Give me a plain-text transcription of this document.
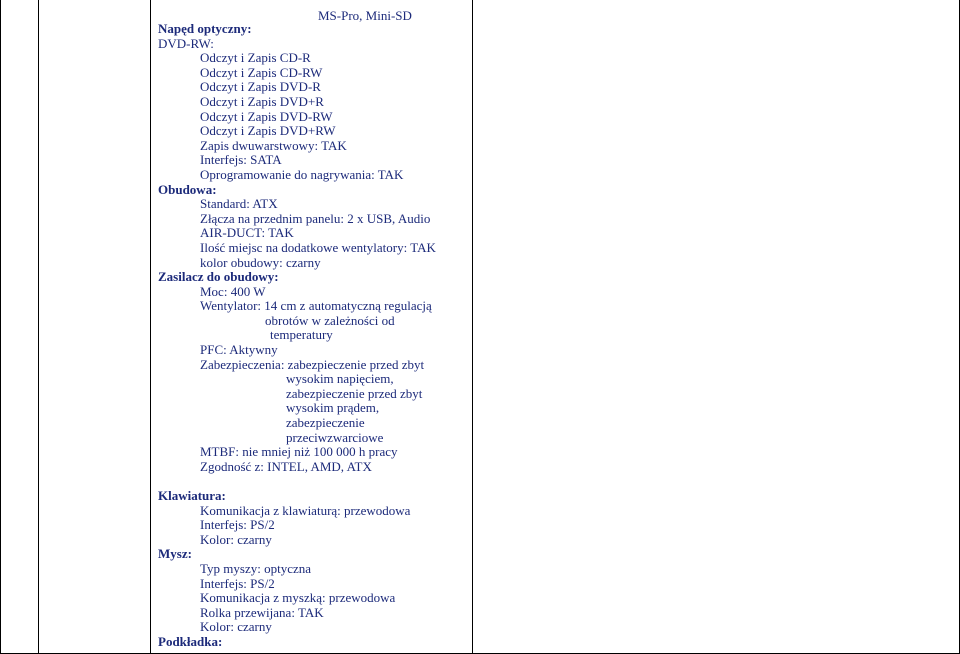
MS-Pro, Mini-SD
Napęd optyczny:
DVD-RW:
Odczyt i Zapis CD-R
Odczyt i Zapis CD-RW
Odczyt i Zapis DVD-R
Odczyt i Zapis DVD+R
Odczyt i Zapis DVD-RW
Odczyt i Zapis DVD+RW
Zapis dwuwarstwowy: TAK
Interfejs: SATA
Oprogramowanie do nagrywania: TAK
Obudowa:
Standard: ATX
Złącza na przednim panelu: 2 x USB, Audio
AIR-DUCT: TAK
Ilość miejsc na dodatkowe wentylatory: TAK
kolor obudowy: czarny
Zasilacz do obudowy:
Moc: 400 W
Wentylator: 14 cm z automatyczną regulacją
obrotów w zależności od
temperatury
PFC: Aktywny
Zabezpieczenia: zabezpieczenie przed zbyt
wysokim napięciem,
zabezpieczenie przed zbyt
wysokim prądem,
zabezpieczenie
przeciwzwarciowe
MTBF: nie mniej niż 100 000 h pracy
Zgodność z: INTEL, AMD, ATX
Klawiatura:
Komunikacja z klawiaturą: przewodowa
Interfejs: PS/2
Kolor: czarny
Mysz:
Typ myszy: optyczna
Interfejs: PS/2
Komunikacja z myszką: przewodowa
Rolka przewijana: TAK
Kolor: czarny
Podkładka:
